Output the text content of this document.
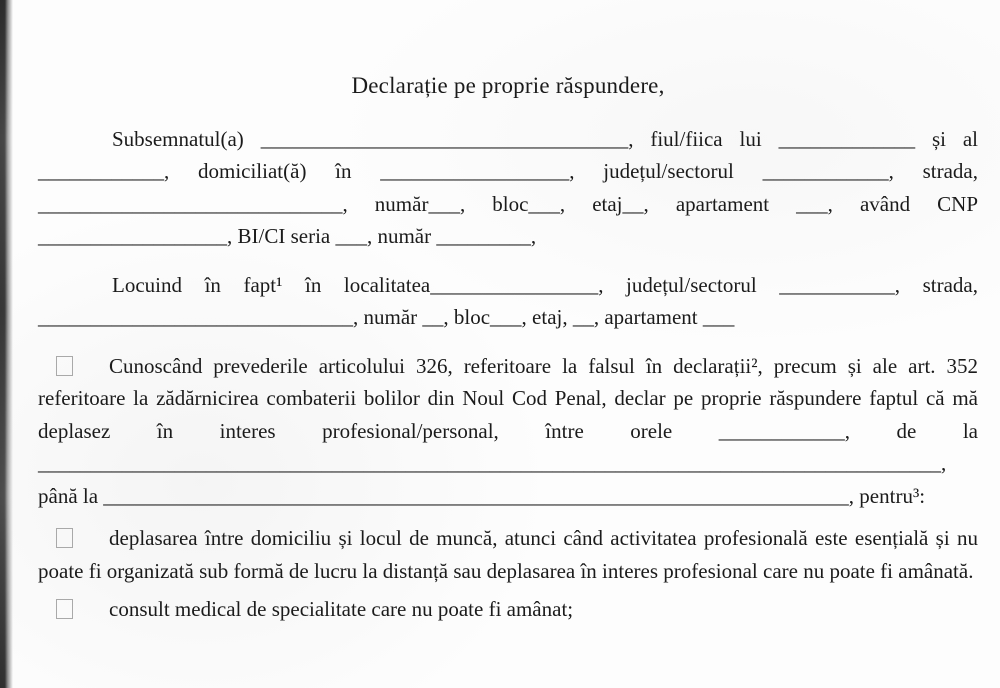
Declarație pe proprie răspundere,

Subsemnatul(a) ___________________________________, fiul/fiica lui _____________ și al ____________, domiciliat(ă) în __________________, județul/sectorul ____________, strada, _____________________________, număr___, bloc___, etaj__, apartament ___, având CNP __________________, BI/CI seria ___, număr _________,

Locuind în fapt¹ în localitatea________________, județul/sectorul ___________, strada, ______________________________, număr __, bloc___, etaj, __, apartament ___

Cunoscând prevederile articolului 326, referitoare la falsul în declarații², precum și ale art. 352 referitoare la zădărnicirea combaterii bolilor din Noul Cod Penal, declar pe proprie răspundere faptul că mă deplasez în interes profesional/personal, între orele ____________, de la ______________________________________________________________________________________, până la _______________________________________________________________________, pentru³:

deplasarea între domiciliu și locul de muncă, atunci când activitatea profesională este esențială și nu poate fi organizată sub formă de lucru la distanță sau deplasarea în interes profesional care nu poate fi amânată.

consult medical de specialitate care nu poate fi amânat;
